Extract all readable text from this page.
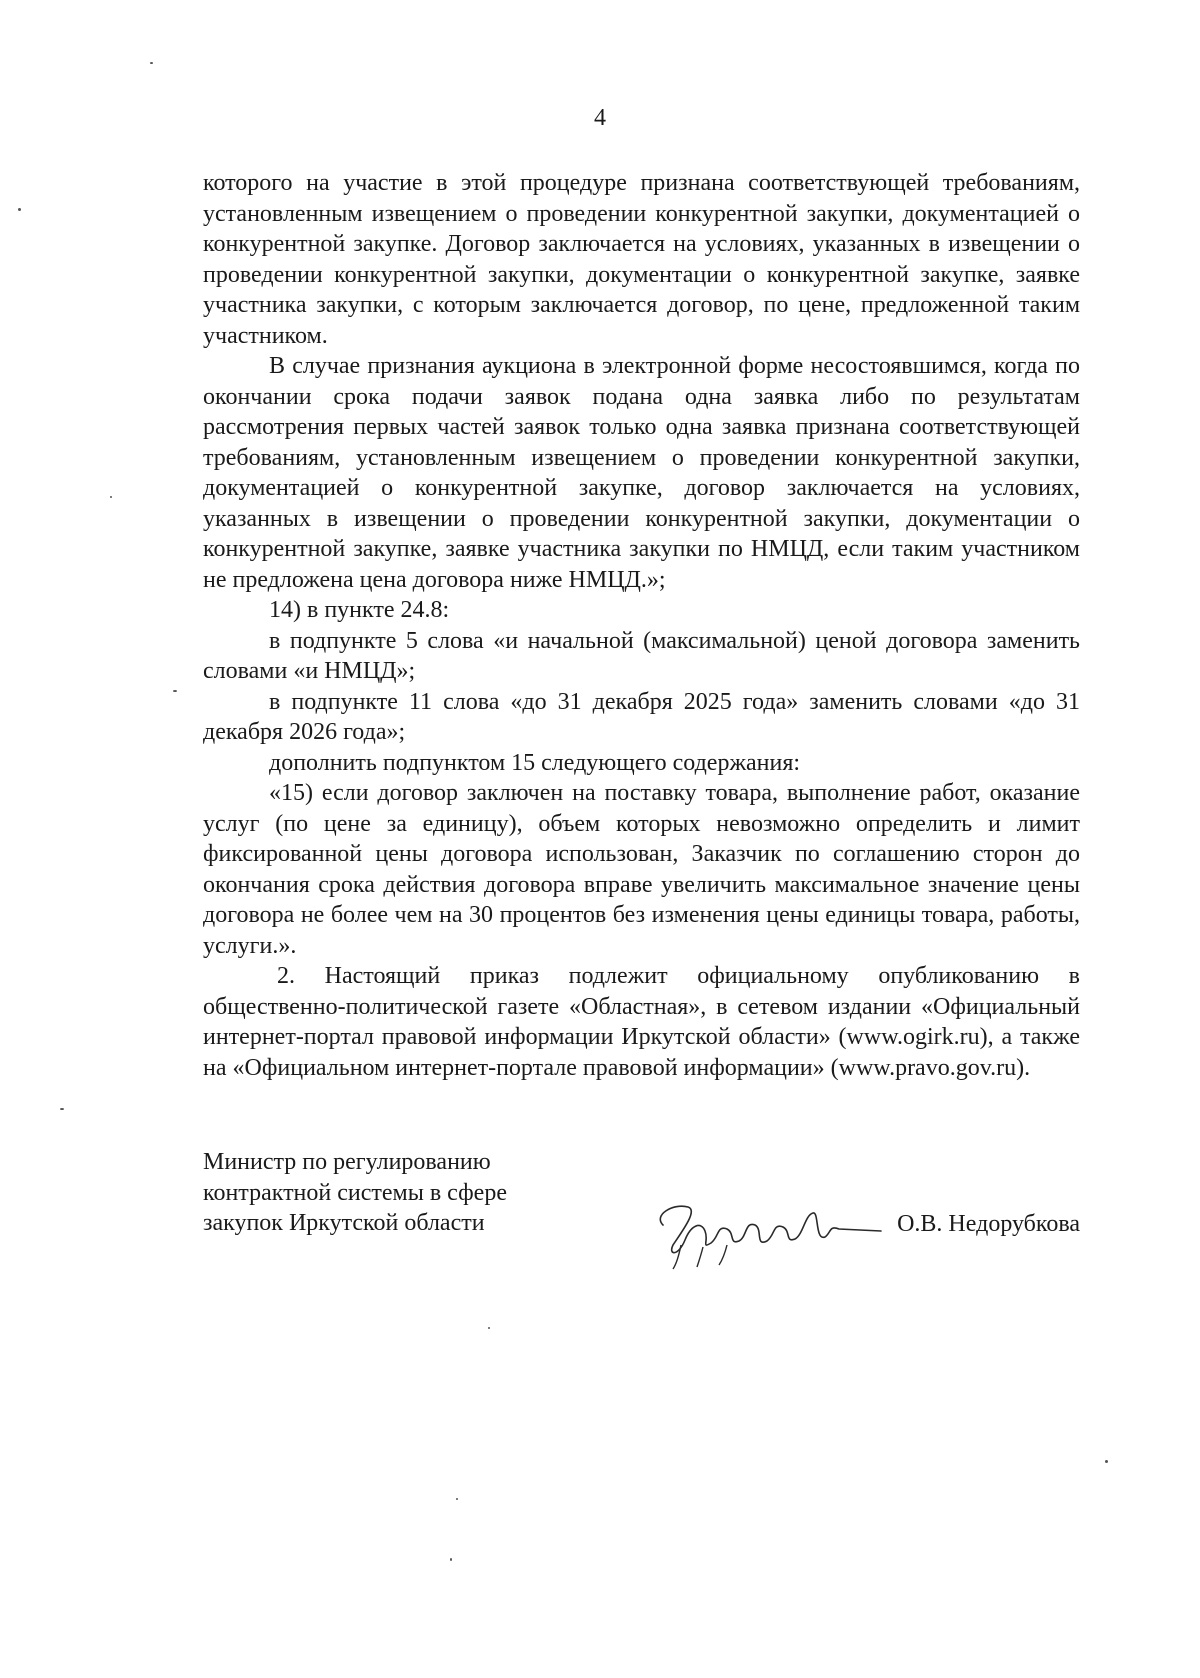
4

которого на участие в этой процедуре признана соответствующей требованиям, установленным извещением о проведении конкурентной закупки, документацией о конкурентной закупке. Договор заключается на условиях, указанных в извещении о проведении конкурентной закупки, документации о конкурентной закупке, заявке участника закупки, с которым заключается договор, по цене, предложенной таким участником.

В случае признания аукциона в электронной форме несостоявшимся, когда по окончании срока подачи заявок подана одна заявка либо по результатам рассмотрения первых частей заявок только одна заявка признана соответствующей требованиям, установленным извещением о проведении конкурентной закупки, документацией о конкурентной закупке, договор заключается на условиях, указанных в извещении о проведении конкурентной закупки, документации о конкурентной закупке, заявке участника закупки по НМЦД, если таким участником не предложена цена договора ниже НМЦД.»;

14) в пункте 24.8:

в подпункте 5 слова «и начальной (максимальной) ценой договора заменить словами «и НМЦД»;

в подпункте 11 слова «до 31 декабря 2025 года» заменить словами «до 31 декабря 2026 года»;

дополнить подпунктом 15 следующего содержания:

«15) если договор заключен на поставку товара, выполнение работ, оказание услуг (по цене за единицу), объем которых невозможно определить и лимит фиксированной цены договора использован, Заказчик по соглашению сторон до окончания срока действия договора вправе увеличить максимальное значение цены договора не более чем на 30 процентов без изменения цены единицы товара, работы, услуги.».

2. Настоящий приказ подлежит официальному опубликованию в общественно-политической газете «Областная», в сетевом издании «Официальный интернет-портал правовой информации Иркутской области» (www.ogirk.ru), а также на «Официальном интернет-портале правовой информации» (www.pravo.gov.ru).

Министр по регулированию
контрактной системы в сфере
закупок Иркутской области	О.В. Недорубкова
